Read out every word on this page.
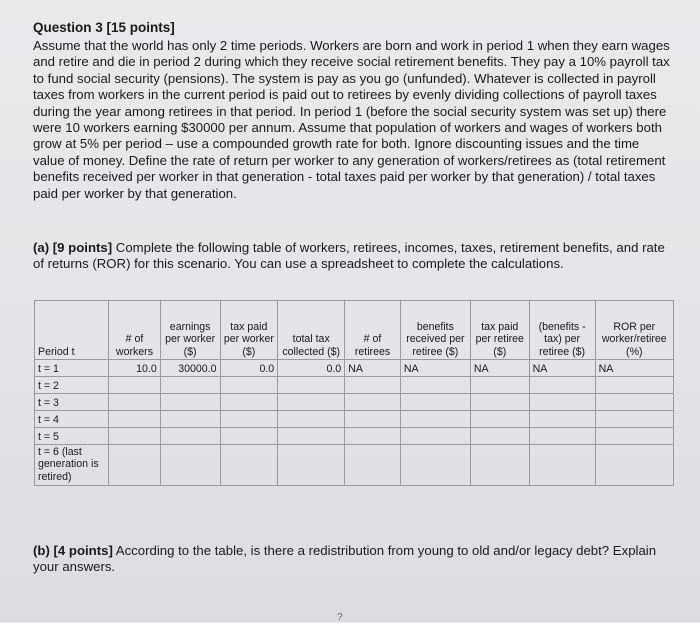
Question 3 [15 points]

Assume that the world has only 2 time periods. Workers are born and work in period 1 when they earn wages and retire and die in period 2 during which they receive social retirement benefits. They pay a 10% payroll tax to fund social security (pensions). The system is pay as you go (unfunded). Whatever is collected in payroll taxes from workers in the current period is paid out to retirees by evenly dividing collections of payroll taxes during the year among retirees in that period. In period 1 (before the social security system was set up) there were 10 workers earning $30000 per annum. Assume that population of workers and wages of workers both grow at 5% per period – use a compounded growth rate for both. Ignore discounting issues and the time value of money. Define the rate of return per worker to any generation of workers/retirees as (total retirement benefits received per worker in that generation - total taxes paid per worker by that generation) / total taxes paid per worker by that generation.

(a) [9 points] Complete the following table of workers, retirees, incomes, taxes, retirement benefits, and rate of returns (ROR) for this scenario. You can use a spreadsheet to complete the calculations.

Period t	# of workers	earnings per worker ($)	tax paid per worker ($)	total tax collected ($)	# of retirees	benefits received per retiree ($)	tax paid per retiree ($)	(benefits - tax) per retiree ($)	ROR per worker/retiree (%)
t = 1	10.0	30000.0	0.0	0.0	NA	NA	NA	NA	NA
t = 2									
t = 3									
t = 4									
t = 5									
t = 6 (last generation is retired)									

(b) [4 points] According to the table, is there a redistribution from young to old and/or legacy debt? Explain your answers.

?
